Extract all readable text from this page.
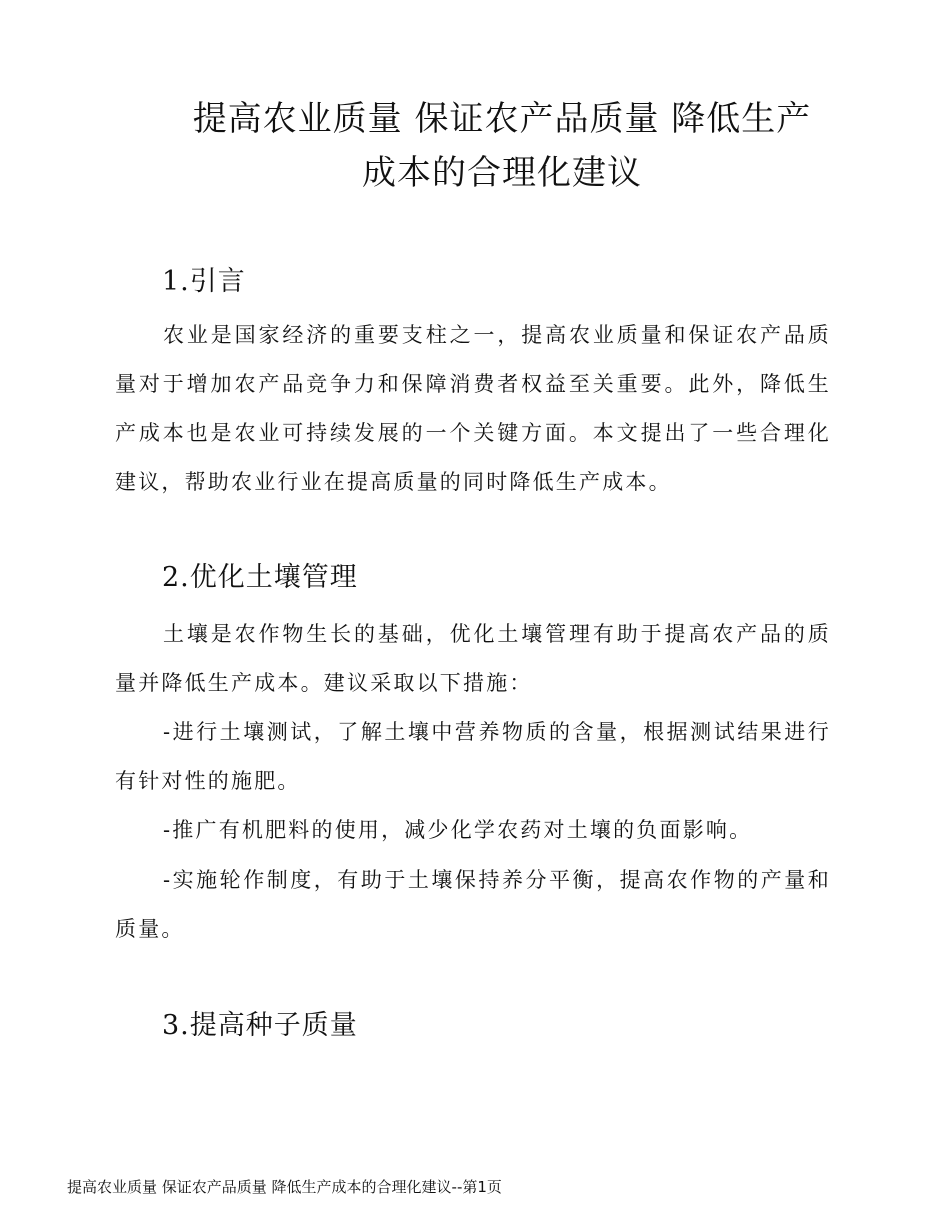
提高农业质量 保证农产品质量 降低生产
成本的合理化建议
1.引言
农业是国家经济的重要支柱之一，提高农业质量和保证农产品质量对于增加农产品竞争力和保障消费者权益至关重要。此外，降低生产成本也是农业可持续发展的一个关键方面。本文提出了一些合理化建议，帮助农业行业在提高质量的同时降低生产成本。
2.优化土壤管理
土壤是农作物生长的基础，优化土壤管理有助于提高农产品的质量并降低生产成本。建议采取以下措施：
-进行土壤测试，了解土壤中营养物质的含量，根据测试结果进行有针对性的施肥。
-推广有机肥料的使用，减少化学农药对土壤的负面影响。
-实施轮作制度，有助于土壤保持养分平衡，提高农作物的产量和质量。
3.提高种子质量
提高农业质量 保证农产品质量 降低生产成本的合理化建议--第1页
